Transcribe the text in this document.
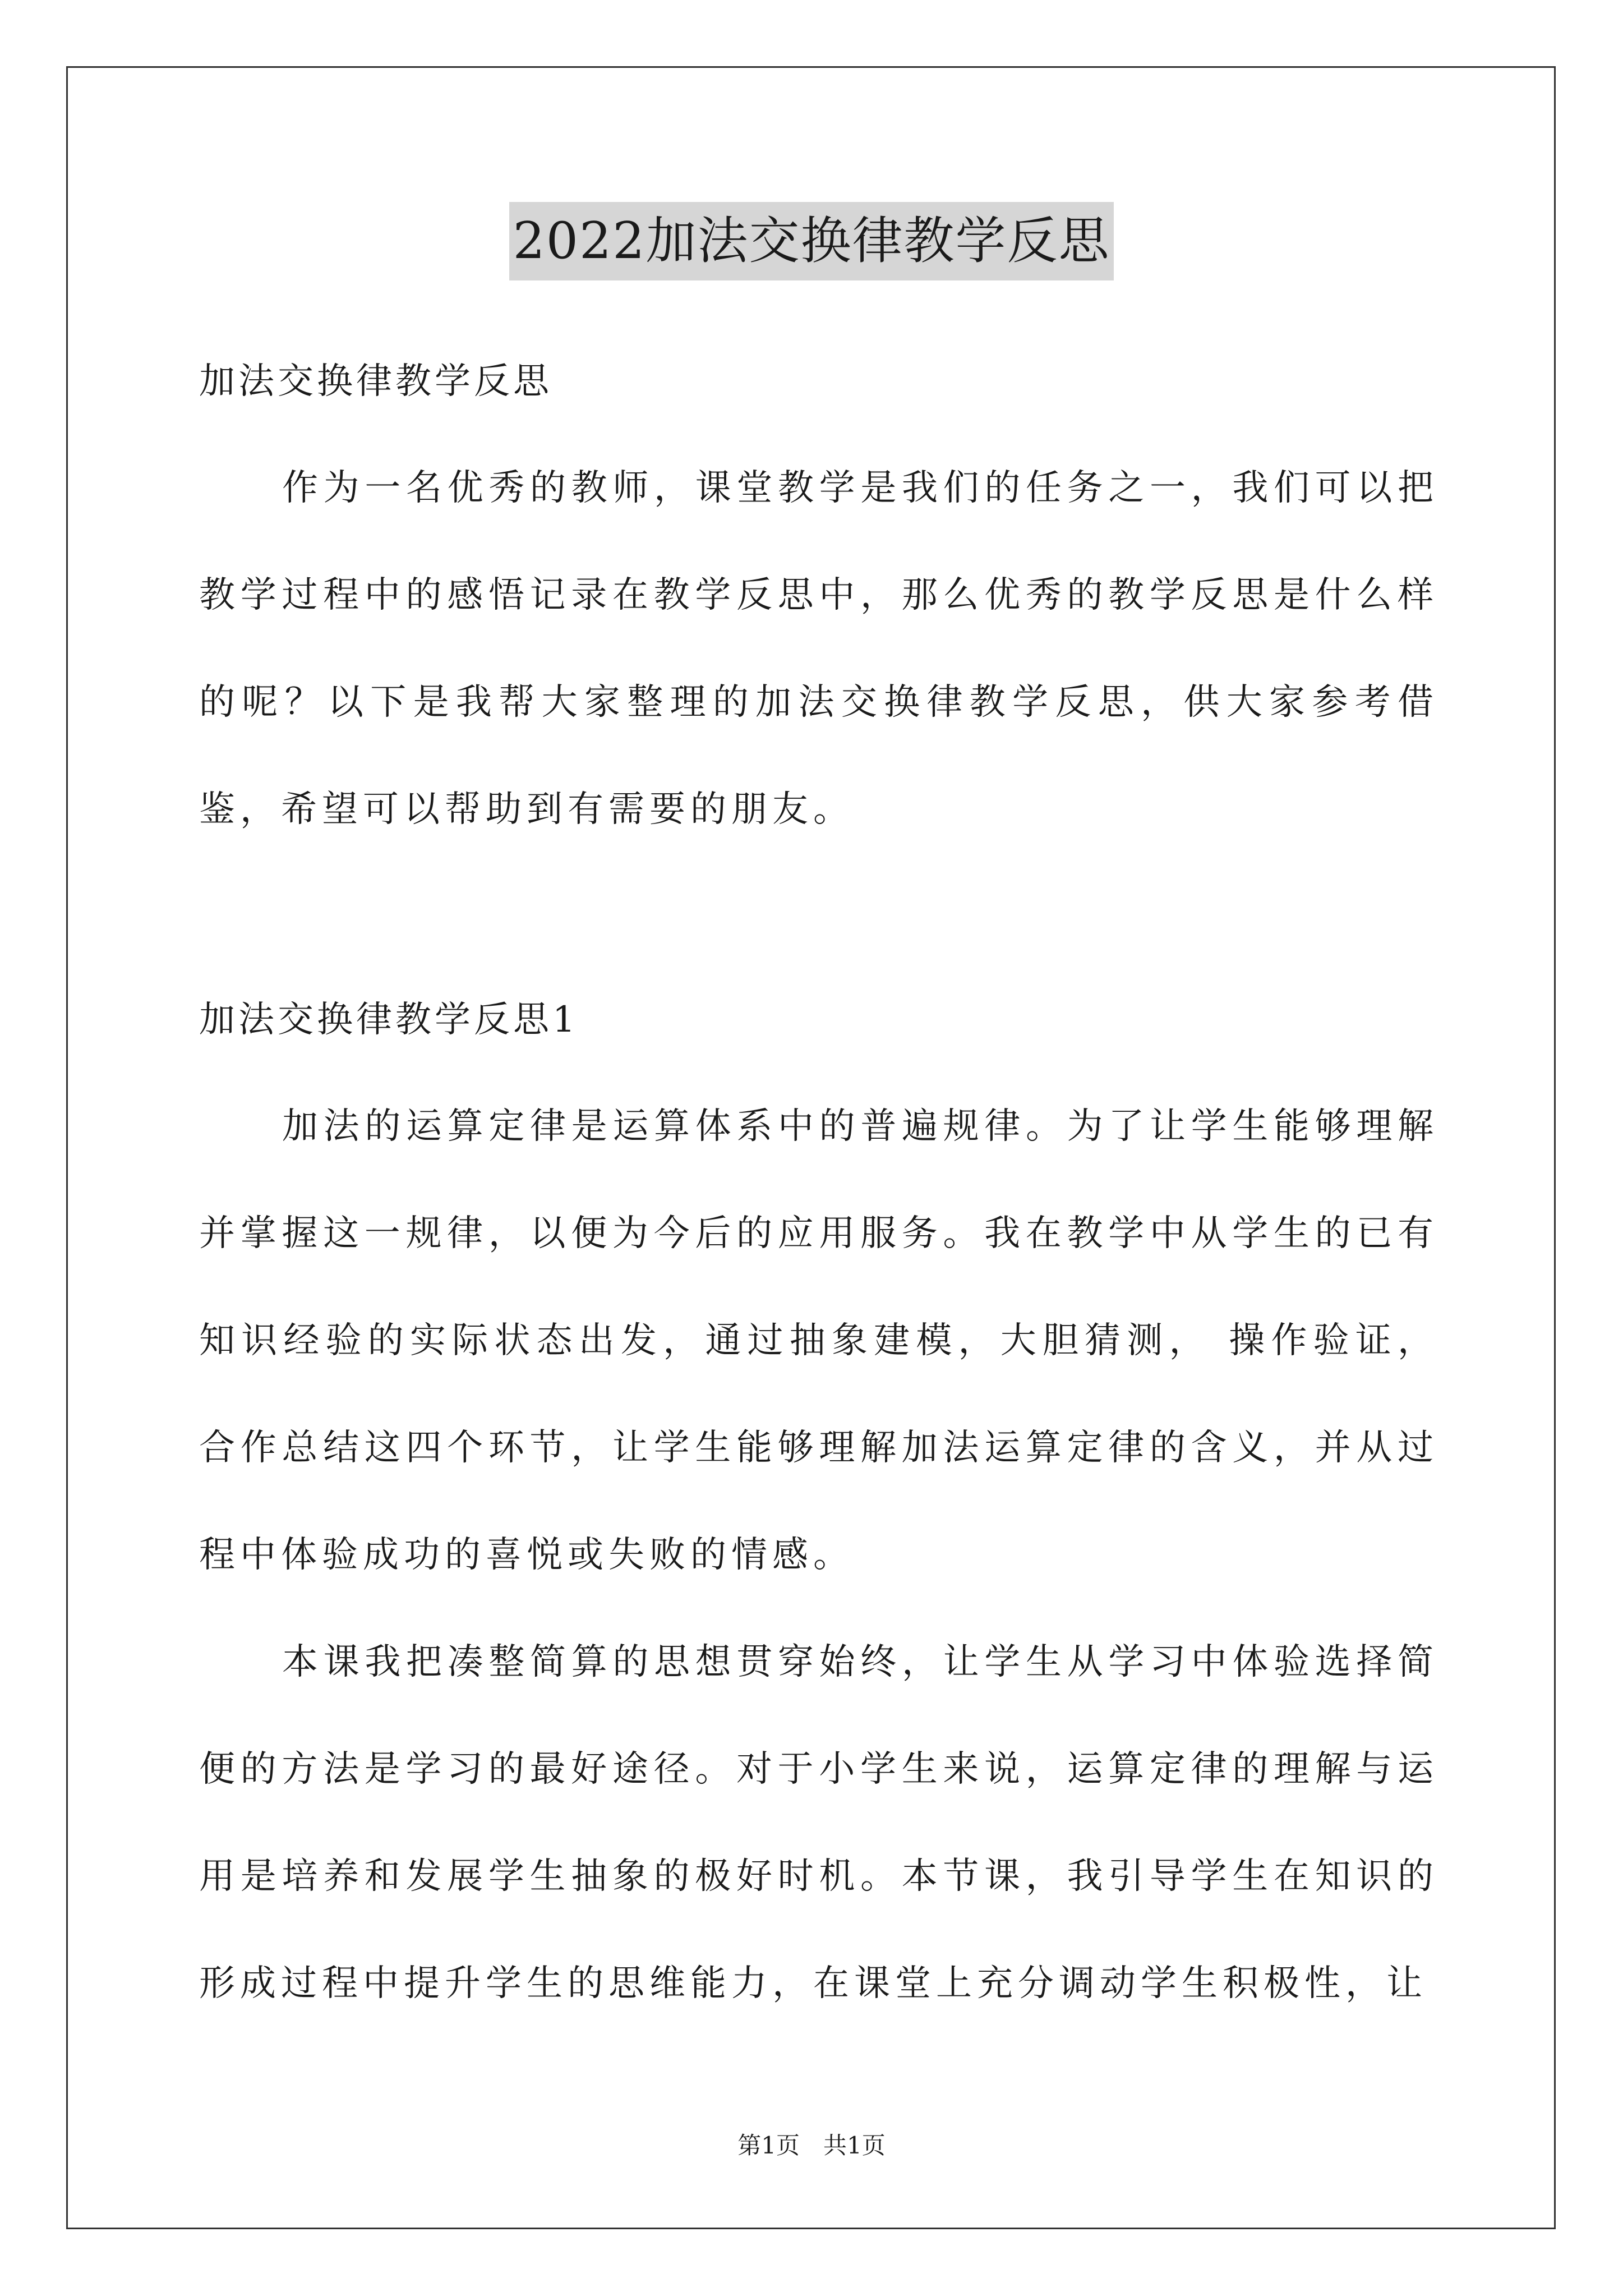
2022加法交换律教学反思
加法交换律教学反思

作为一名优秀的教师，课堂教学是我们的任务之一，我们可以把教学过程中的感悟记录在教学反思中，那么优秀的教学反思是什么样的呢？以下是我帮大家整理的加法交换律教学反思，供大家参考借鉴，希望可以帮助到有需要的朋友。

加法交换律教学反思1

加法的运算定律是运算体系中的普遍规律。为了让学生能够理解并掌握这一规律，以便为今后的应用服务。我在教学中从学生的已有知识经验的实际状态出发，通过抽象建模，大胆猜测， 操作验证，合作总结这四个环节，让学生能够理解加法运算定律的含义，并从过程中体验成功的喜悦或失败的情感。

本课我把凑整简算的思想贯穿始终，让学生从学习中体验选择简便的方法是学习的最好途径。对于小学生来说，运算定律的理解与运用是培养和发展学生抽象的极好时机。本节课，我引导学生在知识的形成过程中提升学生的思维能力，在课堂上充分调动学生积极性，让

第1页　共1页
